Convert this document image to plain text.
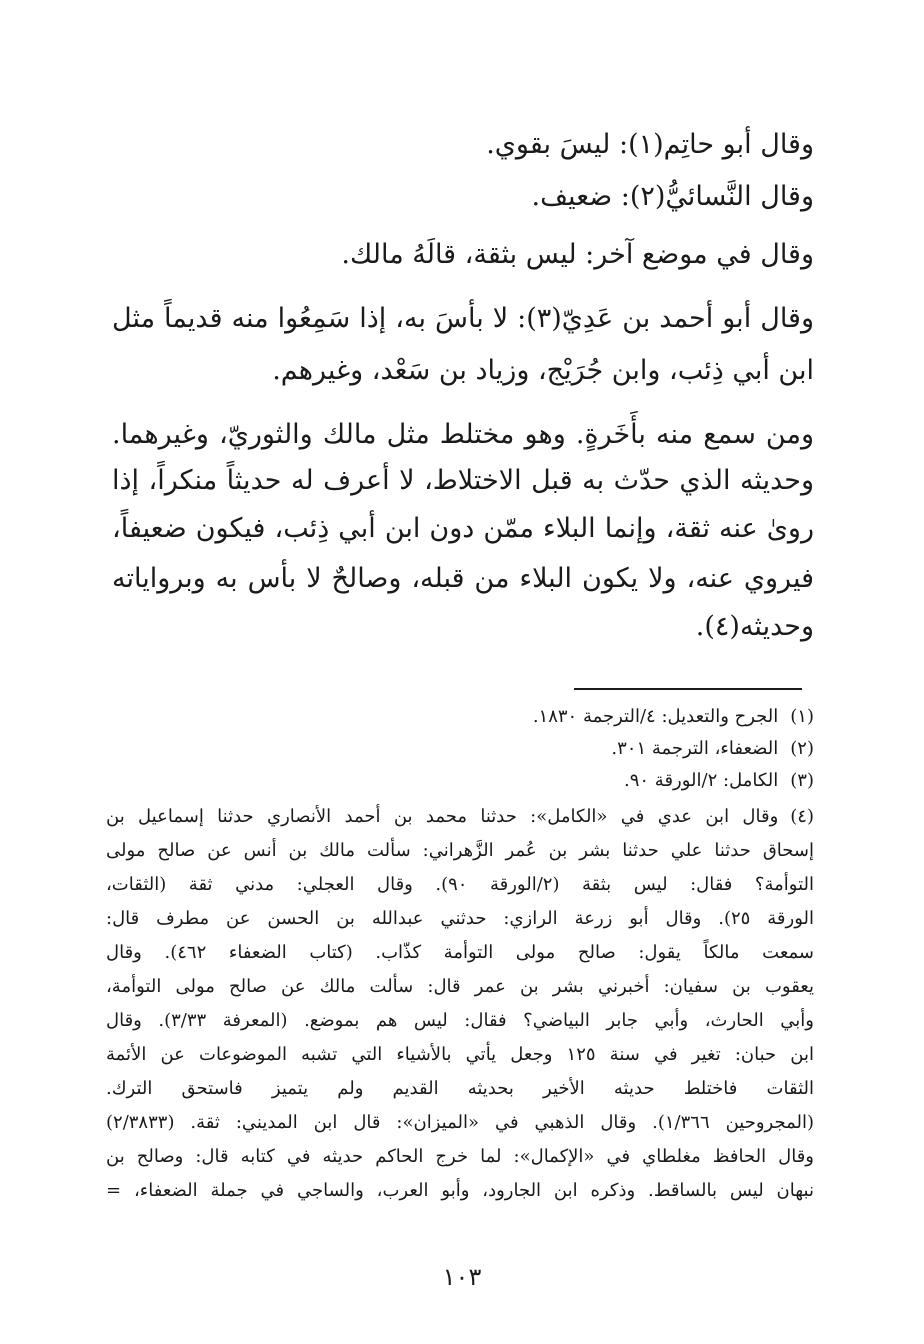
وقال أبو حاتِم(١): ليسَ بقوي.
وقال النَّسائيُّ(٢): ضعيف.
وقال في موضع آخر: ليس بثقة، قالَهُ مالك.
وقال أبو أحمد بن عَدِيّ(٣): لا بأسَ به، إذا سَمِعُوا منه قديماً مثل
ابن أبي ذِئب، وابن جُرَيْج، وزياد بن سَعْد، وغيرهم.
ومن سمع منه بأَخَرةٍ. وهو مختلط مثل مالك والثوريّ، وغيرهما.
وحديثه الذي حدّث به قبل الاختلاط، لا أعرف له حديثاً منكراً، إذا
روىٰ عنه ثقة، وإنما البلاء ممّن دون ابن أبي ذِئب، فيكون ضعيفاً،
فيروي عنه، ولا يكون البلاء من قبله، وصالحٌ لا بأس به وبرواياته
وحديثه(٤).
(١)الجرح والتعديل: ٤/الترجمة ١٨٣٠.
(٢)الضعفاء، الترجمة ٣٠١.
(٣)الكامل: ٢/الورقة ٩٠.
(٤)وقال ابن عدي في «الكامل»: حدثنا محمد بن أحمد الأنصاري حدثنا إسماعيل بن
إسحاق حدثنا علي حدثنا بشر بن عُمر الزَّهراني: سألت مالك بن أنس عن صالح مولى
التوأمة؟ فقال: ليس بثقة (٢/الورقة ٩٠). وقال العجلي: مدني ثقة (الثقات،
الورقة ٢٥). وقال أبو زرعة الرازي: حدثني عبدالله بن الحسن عن مطرف قال:
سمعت مالكاً يقول: صالح مولى التوأمة كذّاب. (كتاب الضعفاء ٤٦٢). وقال
يعقوب بن سفيان: أخبرني بشر بن عمر قال: سألت مالك عن صالح مولى التوأمة،
وأبي الحارث، وأبي جابر البياضي؟ فقال: ليس هم بموضع. (المعرفة ٣/٣٣). وقال
ابن حبان: تغير في سنة ١٢٥ وجعل يأتي بالأشياء التي تشبه الموضوعات عن الأئمة
الثقات فاختلط حديثه الأخير بحديثه القديم ولم يتميز فاستحق الترك.
(المجروحين ١/٣٦٦). وقال الذهبي في «الميزان»: قال ابن المديني: ثقة. (٢/٣٨٣٣)
وقال الحافظ مغلطاي في «الإكمال»: لما خرج الحاكم حديثه في كتابه قال: وصالح بن
نبهان ليس بالساقط. وذكره ابن الجارود، وأبو العرب، والساجي في جملة الضعفاء، =
١٠٣
